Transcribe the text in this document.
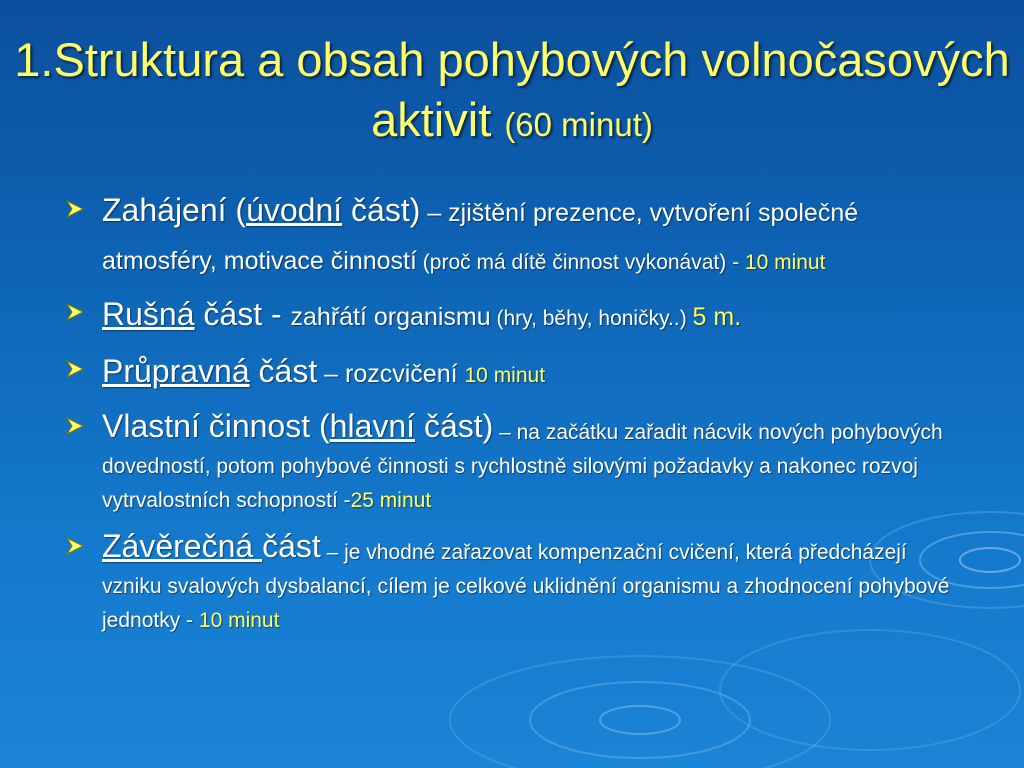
1.Struktura a obsah pohybových volnočasových aktivit (60 minut)
Zahájení (úvodní část) – zjištění prezence, vytvoření společné atmosféry, motivace činností (proč má dítě činnost vykonávat) - 10 minut
Rušná část - zahřátí organismu (hry, běhy, honičky..) 5 m.
Průpravná část – rozcvičení 10 minut
Vlastní činnost (hlavní část) – na začátku zařadit nácvik nových pohybových dovedností, potom pohybové činnosti s rychlostně silovými požadavky a nakonec rozvoj vytrvalostních schopností -25 minut
Závěrečná část – je vhodné zařazovat kompenzační cvičení, která předcházejí vzniku svalových dysbalancí, cílem je celkové uklidnění organismu a zhodnocení pohybové jednotky - 10 minut
